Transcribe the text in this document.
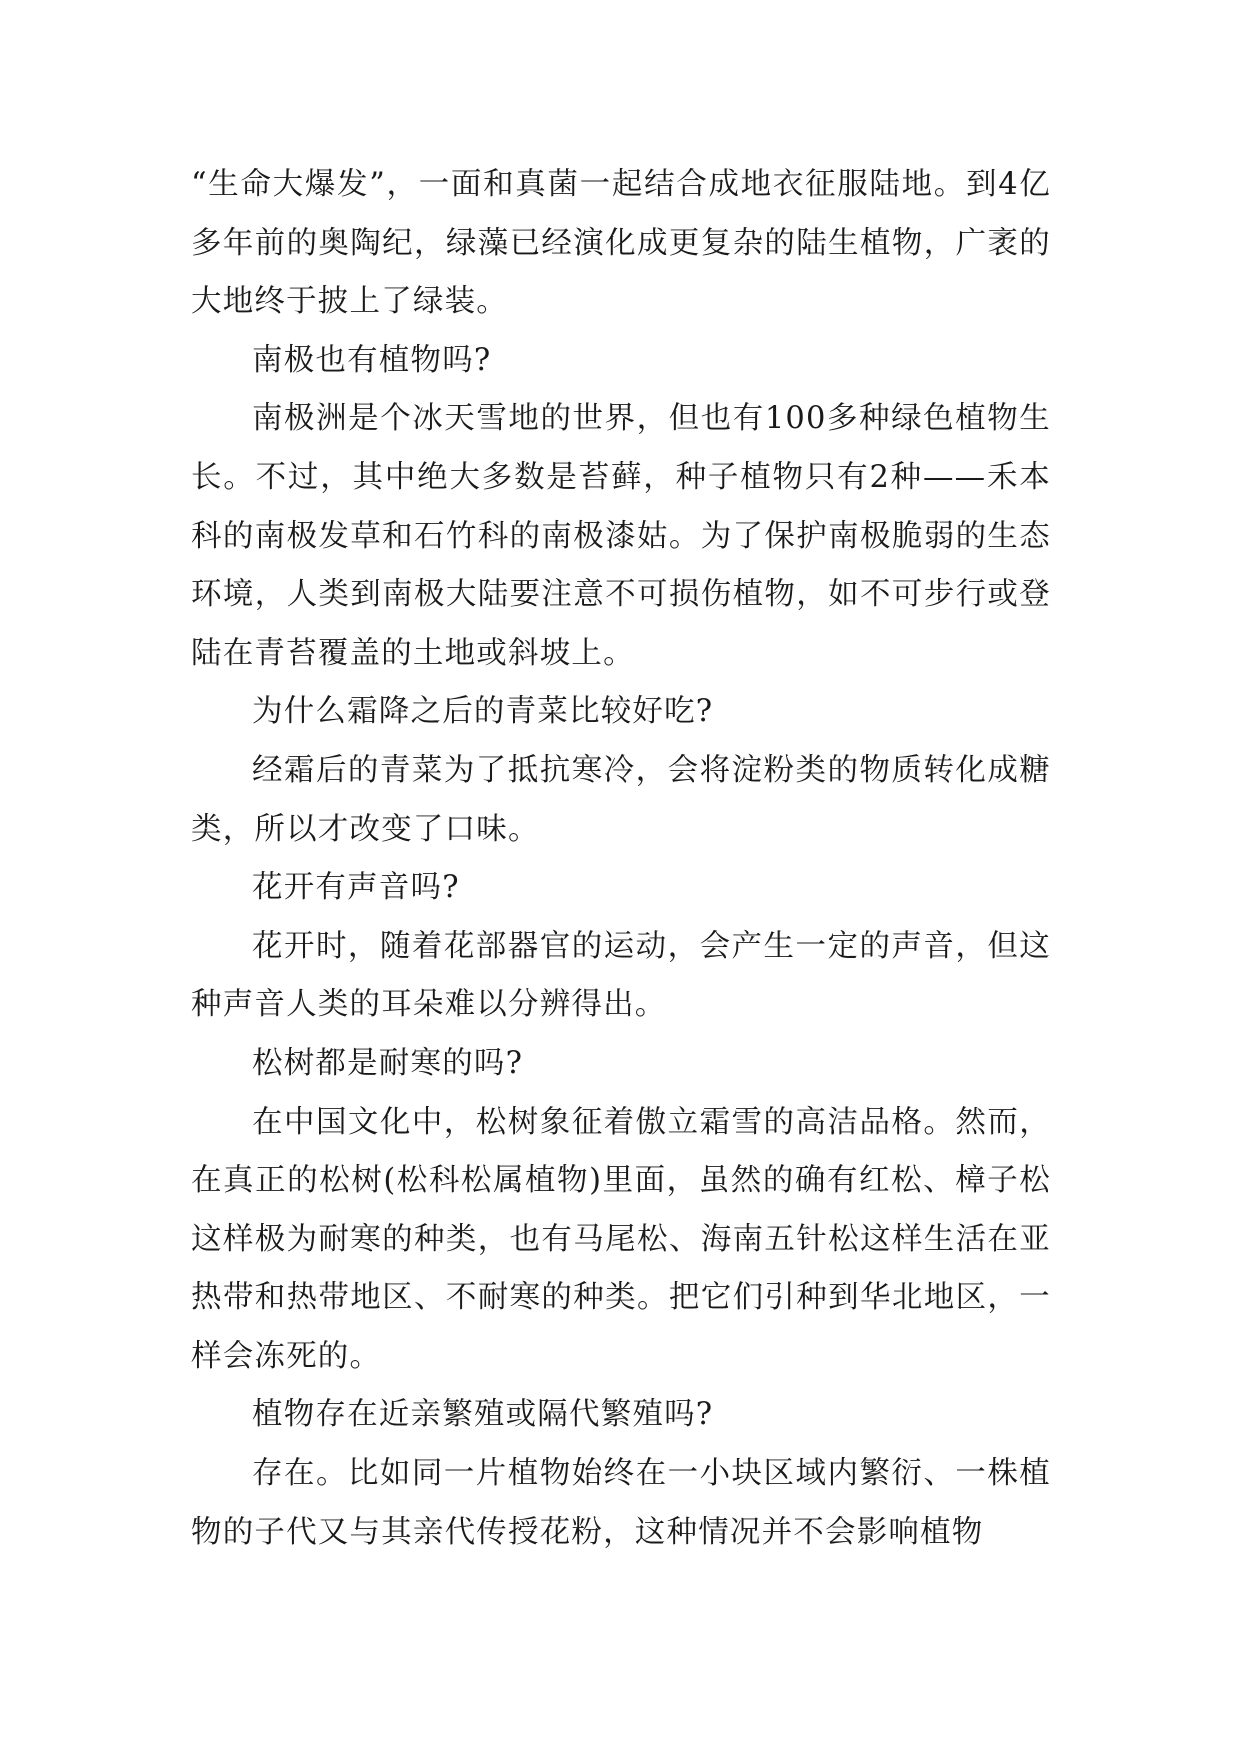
“生命大爆发”，一面和真菌一起结合成地衣征服陆地。到4亿多年前的奥陶纪，绿藻已经演化成更复杂的陆生植物，广袤的大地终于披上了绿装。

南极也有植物吗?

南极洲是个冰天雪地的世界，但也有100多种绿色植物生长。不过，其中绝大多数是苔藓，种子植物只有2种——禾本科的南极发草和石竹科的南极漆姑。为了保护南极脆弱的生态环境，人类到南极大陆要注意不可损伤植物，如不可步行或登陆在青苔覆盖的土地或斜坡上。

为什么霜降之后的青菜比较好吃?

经霜后的青菜为了抵抗寒冷，会将淀粉类的物质转化成糖类，所以才改变了口味。

花开有声音吗?

花开时，随着花部器官的运动，会产生一定的声音，但这种声音人类的耳朵难以分辨得出。

松树都是耐寒的吗?

在中国文化中，松树象征着傲立霜雪的高洁品格。然而，在真正的松树(松科松属植物)里面，虽然的确有红松、樟子松这样极为耐寒的种类，也有马尾松、海南五针松这样生活在亚热带和热带地区、不耐寒的种类。把它们引种到华北地区，一样会冻死的。

植物存在近亲繁殖或隔代繁殖吗?

存在。比如同一片植物始终在一小块区域内繁衍、一株植物的子代又与其亲代传授花粉，这种情况并不会影响植物
